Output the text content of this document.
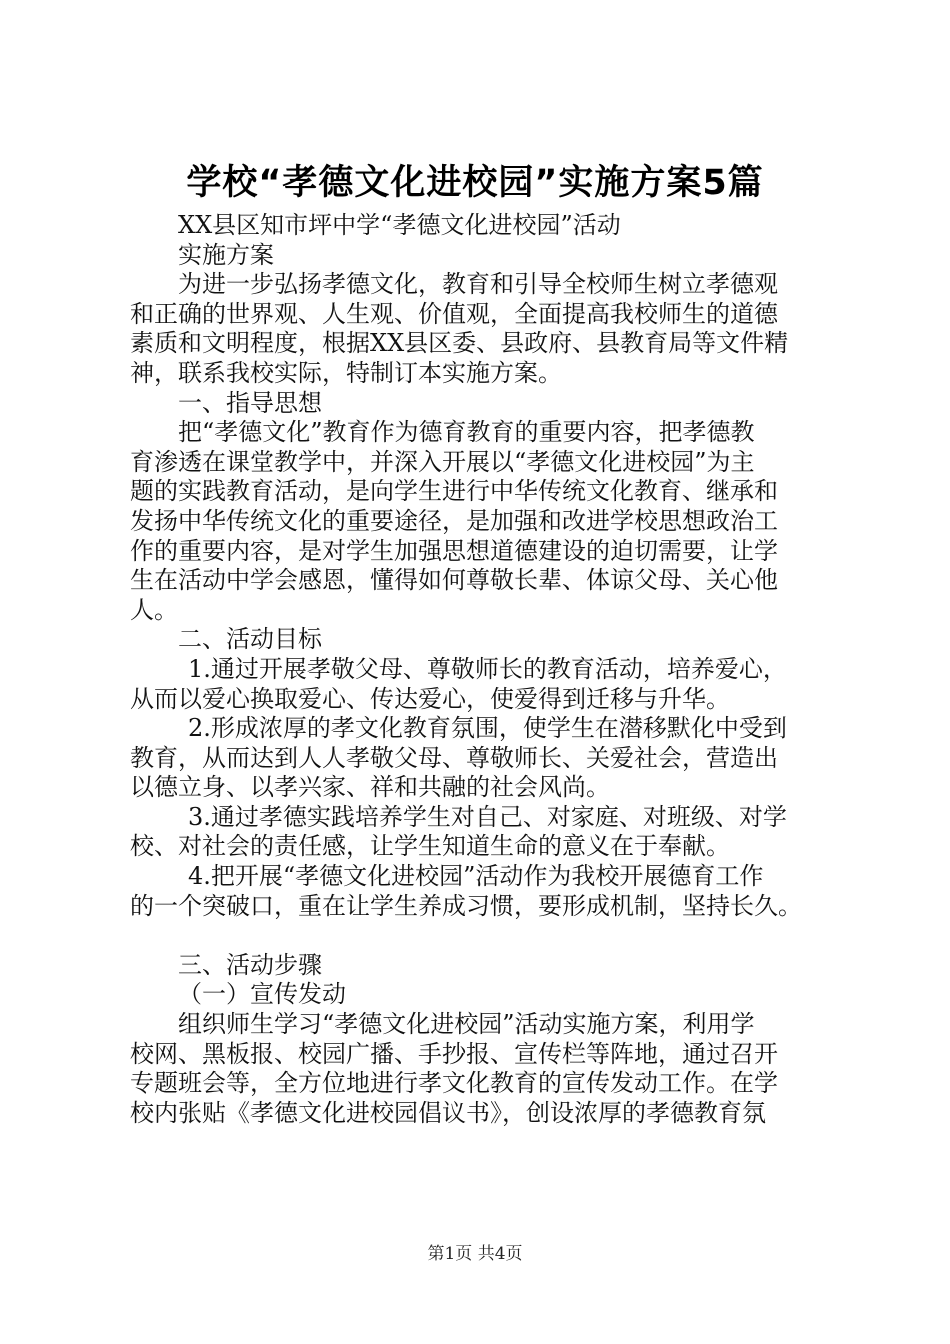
学校“孝德文化进校园”实施方案5篇
XX县区知市坪中学“孝德文化进校园”活动
实施方案
为进一步弘扬孝德文化，教育和引导全校师生树立孝德观
和正确的世界观、人生观、价值观，全面提高我校师生的道德
素质和文明程度，根据XX县区委、县政府、县教育局等文件精
神，联系我校实际，特制订本实施方案。
一、指导思想
把“孝德文化”教育作为德育教育的重要内容，把孝德教
育渗透在课堂教学中，并深入开展以“孝德文化进校园”为主
题的实践教育活动，是向学生进行中华传统文化教育、继承和
发扬中华传统文化的重要途径，是加强和改进学校思想政治工
作的重要内容，是对学生加强思想道德建设的迫切需要，让学
生在活动中学会感恩，懂得如何尊敬长辈、体谅父母、关心他
人。
二、活动目标
1.通过开展孝敬父母、尊敬师长的教育活动，培养爱心，
从而以爱心换取爱心、传达爱心，使爱得到迁移与升华。
2.形成浓厚的孝文化教育氛围，使学生在潜移默化中受到
教育，从而达到人人孝敬父母、尊敬师长、关爱社会，营造出
以德立身、以孝兴家、祥和共融的社会风尚。
3.通过孝德实践培养学生对自己、对家庭、对班级、对学
校、对社会的责任感，让学生知道生命的意义在于奉献。
4.把开展“孝德文化进校园”活动作为我校开展德育工作
的一个突破口，重在让学生养成习惯，要形成机制，坚持长久。
三、活动步骤
（一）宣传发动
组织师生学习“孝德文化进校园”活动实施方案，利用学
校网、黑板报、校园广播、手抄报、宣传栏等阵地，通过召开
专题班会等，全方位地进行孝文化教育的宣传发动工作。在学
校内张贴《孝德文化进校园倡议书》，创设浓厚的孝德教育氛
第1页 共4页
